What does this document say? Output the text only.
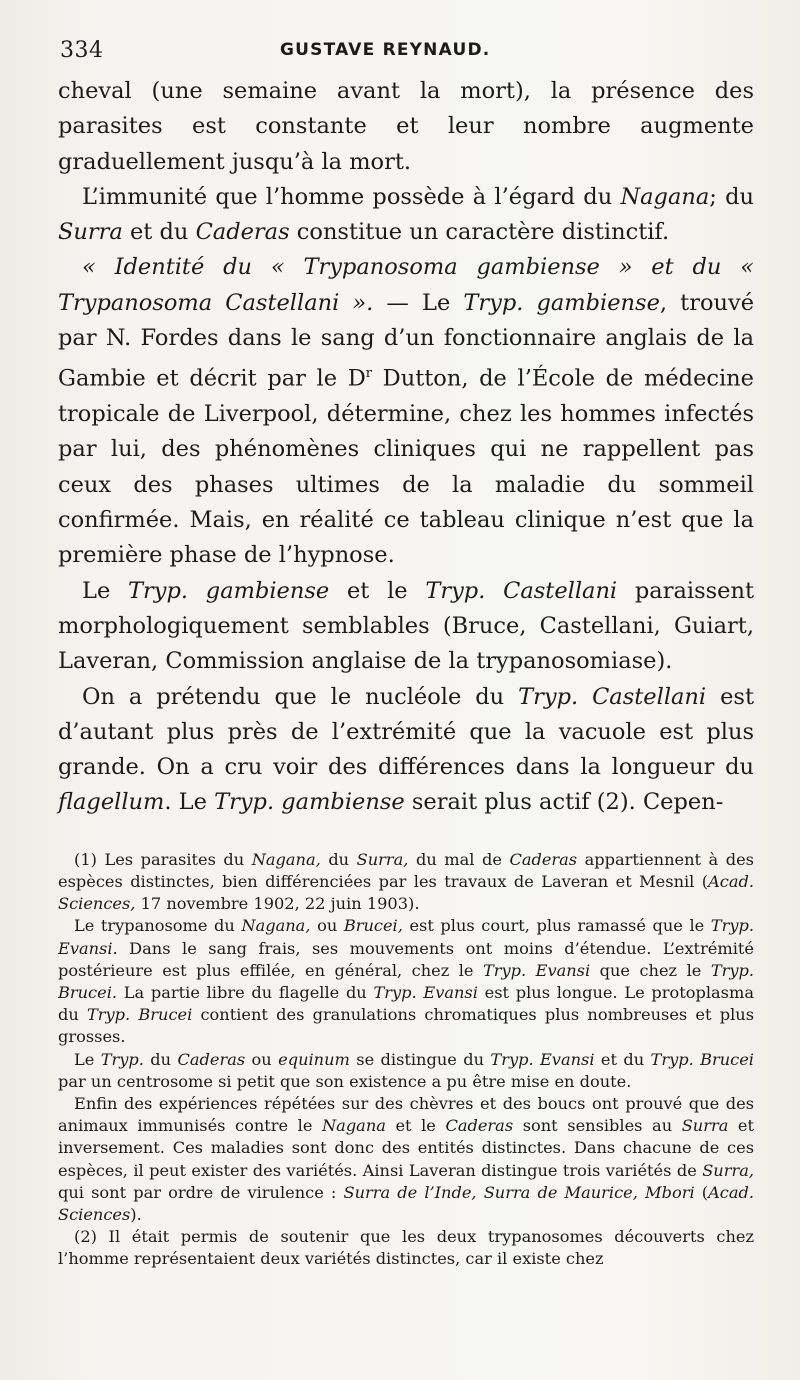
334	GUSTAVE REYNAUD.

cheval (une semaine avant la mort), la présence des parasites est constante et leur nombre augmente graduellement jusqu’à la mort.

L’immunité que l’homme possède à l’égard du Nagana; du Surra et du Caderas constitue un caractère distinctif.

« Identité du « Trypanosoma gambiense » et du « Trypanosoma Castellani ». — Le Tryp. gambiense, trouvé par N. Fordes dans le sang d’un fonctionnaire anglais de la Gambie et décrit par le $D^r$ Dutton, de l’École de médecine tropicale de Liverpool, détermine, chez les hommes infectés par lui, des phénomènes cliniques qui ne rappellent pas ceux des phases ultimes de la maladie du sommeil confirmée. Mais, en réalité ce tableau clinique n’est que la première phase de l’hypnose.

Le Tryp. gambiense et le Tryp. Castellani paraissent morphologiquement semblables (Bruce, Castellani, Guiart, Laveran, Commission anglaise de la trypanosomiase).

On a prétendu que le nucléole du Tryp. Castellani est d’autant plus près de l’extrémité que la vacuole est plus grande. On a cru voir des différences dans la longueur du flagellum. Le Tryp. gambiense serait plus actif (2). Cepen-

(1) Les parasites du Nagana, du Surra, du mal de Caderas appartiennent à des espèces distinctes, bien différenciées par les travaux de Laveran et Mesnil (Acad. Sciences, 17 novembre 1902, 22 juin 1903).

Le trypanosome du Nagana, ou Brucei, est plus court, plus ramassé que le Tryp. Evansi. Dans le sang frais, ses mouvements ont moins d’étendue. L’extrémité postérieure est plus effilée, en général, chez le Tryp. Evansi que chez le Tryp. Brucei. La partie libre du flagelle du Tryp. Evansi est plus longue. Le protoplasma du Tryp. Brucei contient des granulations chromatiques plus nombreuses et plus grosses.

Le Tryp. du Caderas ou equinum se distingue du Tryp. Evansi et du Tryp. Brucei par un centrosome si petit que son existence a pu être mise en doute.

Enfin des expériences répétées sur des chèvres et des boucs ont prouvé que des animaux immunisés contre le Nagana et le Caderas sont sensibles au Surra et inversement. Ces maladies sont donc des entités distinctes. Dans chacune de ces espèces, il peut exister des variétés. Ainsi Laveran distingue trois variétés de Surra, qui sont par ordre de virulence : Surra de l’Inde, Surra de Maurice, Mbori (Acad. Sciences).

(2) Il était permis de soutenir que les deux trypanosomes découverts chez l’homme représentaient deux variétés distinctes, car il existe chez
